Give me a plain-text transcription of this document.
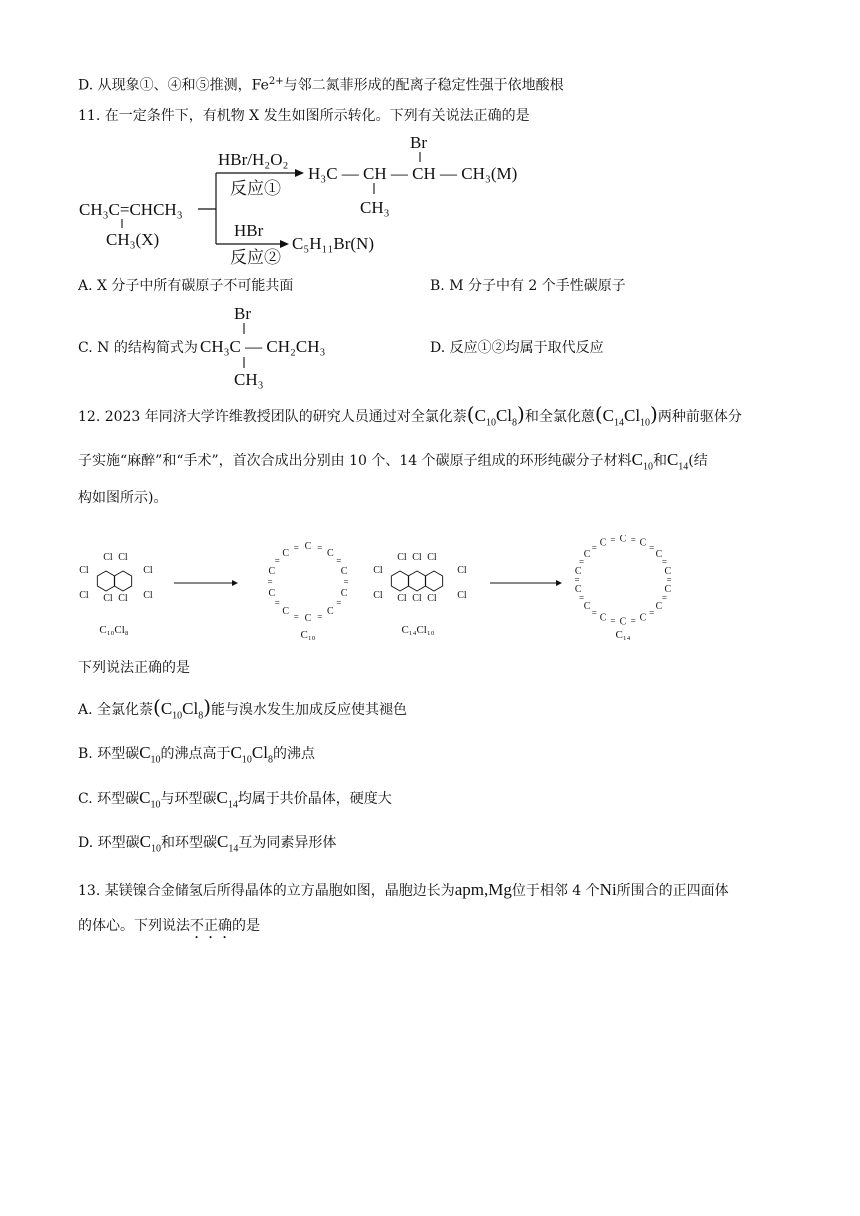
D. 从现象①、④和⑤推测，$Fe^{2+}$与邻二氮菲形成的配离子稳定性强于依地酸根
11. 在一定条件下，有机物 X 发生如图所示转化。下列有关说法正确的是
CH₃C=CHCH₃
CH₃(X)
HBr/H₂O₂
反应①
HBr
反应②
Br
H₃C — CH — CH — CH₃(M)
CH₃
C₅H₁₁Br(N)
A. X 分子中所有碳原子不可能共面	B. M 分子中有 2 个手性碳原子
C. N 的结构简式为
Br
CH₃C — CH₂CH₃
CH₃
D. 反应①②均属于取代反应
12. 2023 年同济大学许维教授团队的研究人员通过对全氯化萘$(C_{10}Cl_8)$和全氯化蒽$(C_{14}Cl_{10})$两种前驱体分
子实施“麻醉”和“手术”，首次合成出分别由 10 个、14 个碳原子组成的环形纯碳分子材料$C_{10}$和$C_{14}$(结
构如图所示)。
Cl
Cl
Cl Cl
Cl Cl
Cl
Cl
C₁₀Cl₈
C =
C
=
C
=
C
=
C
=
C
=
C
=
C
=
C
=
C
=
C₁₀
Cl
Cl
Cl Cl Cl
Cl Cl Cl
Cl
Cl
C₁₄Cl₁₀
C = C =
C
=
C
=
C
=
C
=
C
=
C
=
C
=
C
=
C
=
C
=
C
= C =
C₁₄
下列说法正确的是
A. 全氯化萘$(C_{10}Cl_8)$能与溴水发生加成反应使其褪色
B. 环型碳$C_{10}$的沸点高于$C_{10}Cl_8$的沸点
C. 环型碳$C_{10}$与环型碳$C_{14}$均属于共价晶体，硬度大
D. 环型碳$C_{10}$和环型碳$C_{14}$互为同素异形体
13. 某镁镍合金储氢后所得晶体的立方晶胞如图，晶胞边长为apm,Mg位于相邻 4 个Ni所围合的正四面体
的体心。下列说法不正确的是
